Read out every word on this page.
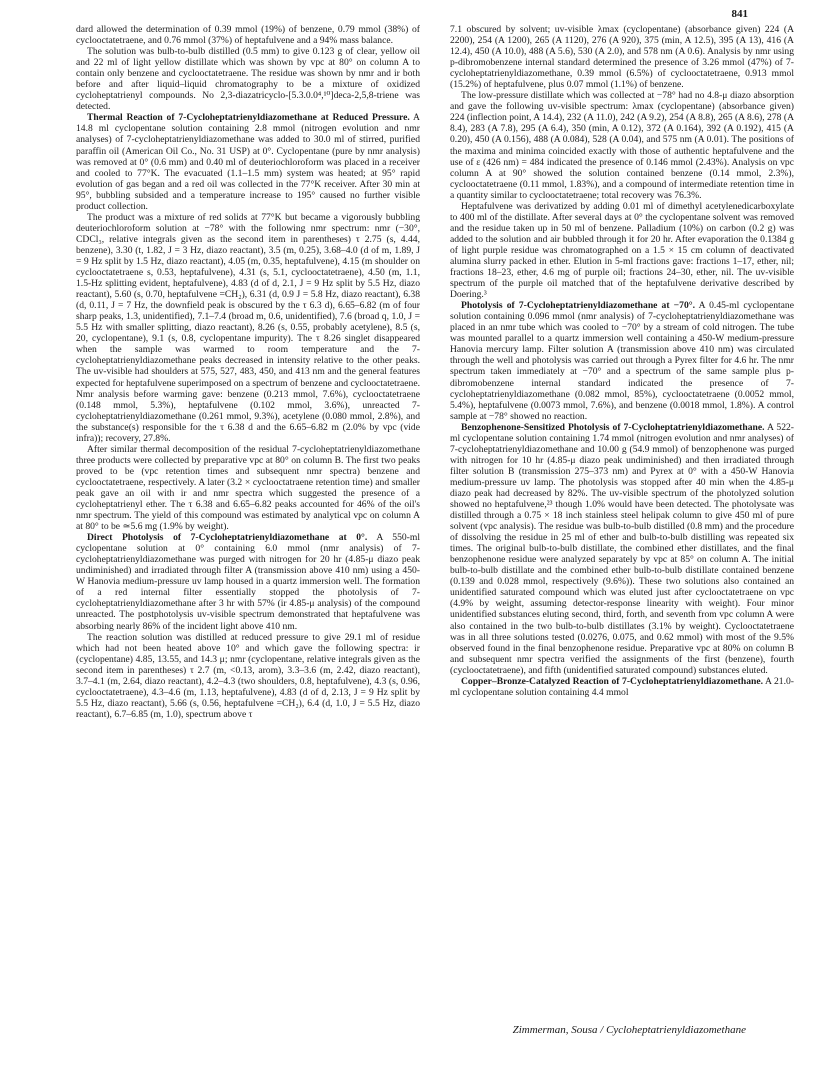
841

dard allowed the determination of 0.39 mmol (19%) of benzene, 0.79 mmol (38%) of cyclooctatetraene, and 0.76 mmol (37%) of heptafulvene and a 94% mass balance.

The solution was bulb-to-bulb distilled (0.5 mm) to give 0.123 g of clear, yellow oil and 22 ml of light yellow distillate which was shown by vpc at 80° on column A to contain only benzene and cyclooctatetraene. The residue was shown by nmr and ir both before and after liquid–liquid chromatography to be a mixture of oxidized cycloheptatrienyl compounds. No 2,3-diazatricyclo-[5.3.0.0⁴,¹⁰]deca-2,5,8-triene was detected.

Thermal Reaction of 7-Cycloheptatrienyldiazomethane at Reduced Pressure. A 14.8 ml cyclopentane solution containing 2.8 mmol (nitrogen evolution and nmr analyses) of 7-cycloheptatrienyldiazomethane was added to 30.0 ml of stirred, purified paraffin oil (American Oil Co., No. 31 USP) at 0°. Cyclopentane (pure by nmr analysis) was removed at 0° (0.6 mm) and 0.40 ml of deuteriochloroform was placed in a receiver and cooled to 77°K. The evacuated (1.1–1.5 mm) system was heated; at 95° rapid evolution of gas began and a red oil was collected in the 77°K receiver. After 30 min at 95°, bubbling subsided and a temperature increase to 195° caused no further visible product collection.

The product was a mixture of red solids at 77°K but became a vigorously bubbling deuteriochloroform solution at −78° with the following nmr spectrum: nmr (−30°, CDCl₃, relative integrals given as the second item in parentheses) τ 2.75 (s, 4.44, benzene), 3.30 (t, 1.82, J = 3 Hz, diazo reactant), 3.5 (m, 0.25), 3.68–4.0 (d of m, 1.89, J = 9 Hz split by 1.5 Hz, diazo reactant), 4.05 (m, 0.35, heptafulvene), 4.15 (m shoulder on cyclooctatetraene s, 0.53, heptafulvene), 4.31 (s, 5.1, cyclooctatetraene), 4.50 (m, 1.1, 1.5-Hz splitting evident, heptafulvene), 4.83 (d of d, 2.1, J = 9 Hz split by 5.5 Hz, diazo reactant), 5.60 (s, 0.70, heptafulvene =CH₂), 6.31 (d, 0.9 J = 5.8 Hz, diazo reactant), 6.38 (d, 0.11, J = 7 Hz, the downfield peak is obscured by the τ 6.3 d), 6.65–6.82 (m of four sharp peaks, 1.3, unidentified), 7.1–7.4 (broad m, 0.6, unidentified), 7.6 (broad q, 1.0, J = 5.5 Hz with smaller splitting, diazo reactant), 8.26 (s, 0.55, probably acetylene), 8.5 (s, 20, cyclopentane), 9.1 (s, 0.8, cyclopentane impurity). The τ 8.26 singlet disappeared when the sample was warmed to room temperature and the 7-cycloheptatrienyldiazomethane peaks decreased in intensity relative to the other peaks. The uv-visible had shoulders at 575, 527, 483, 450, and 413 nm and the general features expected for heptafulvene superimposed on a spectrum of benzene and cyclooctatetraene. Nmr analysis before warming gave: benzene (0.213 mmol, 7.6%), cyclooctatetraene (0.148 mmol, 5.3%), heptafulvene (0.102 mmol, 3.6%), unreacted 7-cycloheptatrienyldiazomethane (0.261 mmol, 9.3%), acetylene (0.080 mmol, 2.8%), and the substance(s) responsible for the τ 6.38 d and the 6.65–6.82 m (2.0% by vpc (vide infra)); recovery, 27.8%.

After similar thermal decomposition of the residual 7-cycloheptatrienyldiazomethane three products were collected by preparative vpc at 80° on column B. The first two peaks proved to be (vpc retention times and subsequent nmr spectra) benzene and cyclooctatetraene, respectively. A later (3.2 × cyclooctatraene retention time) and smaller peak gave an oil with ir and nmr spectra which suggested the presence of a cycloheptatrienyl ether. The τ 6.38 and 6.65–6.82 peaks accounted for 46% of the oil's nmr spectrum. The yield of this compound was estimated by analytical vpc on column A at 80° to be ≃5.6 mg (1.9% by weight).

Direct Photolysis of 7-Cycloheptatrienyldiazomethane at 0°. A 550-ml cyclopentane solution at 0° containing 6.0 mmol (nmr analysis) of 7-cycloheptatrienyldiazomethane was purged with nitrogen for 20 hr (4.85-μ diazo peak undiminished) and irradiated through filter A (transmission above 410 nm) using a 450-W Hanovia medium-pressure uv lamp housed in a quartz immersion well. The formation of a red internal filter essentially stopped the photolysis of 7-cycloheptatrienyldiazomethane after 3 hr with 57% (ir 4.85-μ analysis) of the compound unreacted. The postphotolysis uv-visible spectrum demonstrated that heptafulvene was absorbing nearly 86% of the incident light above 410 nm.

The reaction solution was distilled at reduced pressure to give 29.1 ml of residue which had not been heated above 10° and which gave the following spectra: ir (cyclopentane) 4.85, 13.55, and 14.3 μ; nmr (cyclopentane, relative integrals given as the second item in parentheses) τ 2.7 (m, <0.13, arom), 3.3–3.6 (m, 2.42, diazo reactant), 3.7–4.1 (m, 2.64, diazo reactant), 4.2–4.3 (two shoulders, 0.8, heptafulvene), 4.3 (s, 0.96, cyclooctatetraene), 4.3–4.6 (m, 1.13, heptafulvene), 4.83 (d of d, 2.13, J = 9 Hz split by 5.5 Hz, diazo reactant), 5.66 (s, 0.56, heptafulvene =CH₂), 6.4 (d, 1.0, J = 5.5 Hz, diazo reactant), 6.7–6.85 (m, 1.0), spectrum above τ

7.1 obscured by solvent; uv-visible λmax (cyclopentane) (absorbance given) 224 (A 2200), 254 (A 1200), 265 (A 1120), 276 (A 920), 375 (min, A 12.5), 395 (A 13), 416 (A 12.4), 450 (A 10.0), 488 (A 5.6), 530 (A 2.0), and 578 nm (A 0.6). Analysis by nmr using p-dibromobenzene internal standard determined the presence of 3.26 mmol (47%) of 7-cycloheptatrienyldiazomethane, 0.39 mmol (6.5%) of cyclooctatetraene, 0.913 mmol (15.2%) of heptafulvene, plus 0.07 mmol (1.1%) of benzene.

The low-pressure distillate which was collected at −78° had no 4.8-μ diazo absorption and gave the following uv-visible spectrum: λmax (cyclopentane) (absorbance given) 224 (inflection point, A 14.4), 232 (A 11.0), 242 (A 9.2), 254 (A 8.8), 265 (A 8.6), 278 (A 8.4), 283 (A 7.8), 295 (A 6.4), 350 (min, A 0.12), 372 (A 0.164), 392 (A 0.192), 415 (A 0.20), 450 (A 0.156), 488 (A 0.084), 528 (A 0.04), and 575 nm (A 0.01). The positions of the maxima and minima coincided exactly with those of authentic heptafulvene and the use of ε (426 nm) = 484 indicated the presence of 0.146 mmol (2.43%). Analysis on vpc column A at 90° showed the solution contained benzene (0.14 mmol, 2.3%), cyclooctatetraene (0.11 mmol, 1.83%), and a compound of intermediate retention time in a quantity similar to cyclooctatetraene; total recovery was 76.3%.

Heptafulvene was derivatized by adding 0.01 ml of dimethyl acetylenedicarboxylate to 400 ml of the distillate. After several days at 0° the cyclopentane solvent was removed and the residue taken up in 50 ml of benzene. Palladium (10%) on carbon (0.2 g) was added to the solution and air bubbled through it for 20 hr. After evaporation the 0.1384 g of light purple residue was chromatographed on a 1.5 × 15 cm column of deactivated alumina slurry packed in ether. Elution in 5-ml fractions gave: fractions 1–17, ether, nil; fractions 18–23, ether, 4.6 mg of purple oil; fractions 24–30, ether, nil. The uv-visible spectrum of the purple oil matched that of the heptafulvene derivative described by Doering.³

Photolysis of 7-Cycloheptatrienyldiazomethane at −70°. A 0.45-ml cyclopentane solution containing 0.096 mmol (nmr analysis) of 7-cycloheptatrienyldiazomethane was placed in an nmr tube which was cooled to −70° by a stream of cold nitrogen. The tube was mounted parallel to a quartz immersion well containing a 450-W medium-pressure Hanovia mercury lamp. Filter solution A (transmission above 410 nm) was circulated through the well and photolysis was carried out through a Pyrex filter for 4.6 hr. The nmr spectrum taken immediately at −70° and a spectrum of the same sample plus p-dibromobenzene internal standard indicated the presence of 7-cycloheptatrienyldiazomethane (0.082 mmol, 85%), cyclooctatetraene (0.0052 mmol, 5.4%), heptafulvene (0.0073 mmol, 7.6%), and benzene (0.0018 mmol, 1.8%). A control sample at −78° showed no reaction.

Benzophenone-Sensitized Photolysis of 7-Cycloheptatrienyldiazomethane. A 522-ml cyclopentane solution containing 1.74 mmol (nitrogen evolution and nmr analyses) of 7-cycloheptatrienyldiazomethane and 10.00 g (54.9 mmol) of benzophenone was purged with nitrogen for 10 hr (4.85-μ diazo peak undiminished) and then irradiated through filter solution B (transmission 275–373 nm) and Pyrex at 0° with a 450-W Hanovia medium-pressure uv lamp. The photolysis was stopped after 40 min when the 4.85-μ diazo peak had decreased by 82%. The uv-visible spectrum of the photolyzed solution showed no heptafulvene,²³ though 1.0% would have been detected. The photolysate was distilled through a 0.75 × 18 inch stainless steel helipak column to give 450 ml of pure solvent (vpc analysis). The residue was bulb-to-bulb distilled (0.8 mm) and the procedure of dissolving the residue in 25 ml of ether and bulb-to-bulb distilling was repeated six times. The original bulb-to-bulb distillate, the combined ether distillates, and the final benzophenone residue were analyzed separately by vpc at 85° on column A. The initial bulb-to-bulb distillate and the combined ether bulb-to-bulb distillate contained benzene (0.139 and 0.028 mmol, respectively (9.6%)). These two solutions also contained an unidentified saturated compound which was eluted just after cyclooctatetraene on vpc (4.9% by weight, assuming detector-response linearity with weight). Four minor unidentified substances eluting second, third, forth, and seventh from vpc column A were also contained in the two bulb-to-bulb distillates (3.1% by weight). Cyclooctatetraene was in all three solutions tested (0.0276, 0.075, and 0.62 mmol) with most of the 9.5% observed found in the final benzophenone residue. Preparative vpc at 80% on column B and subsequent nmr spectra verified the assignments of the first (benzene), fourth (cyclooctatetraene), and fifth (unidentified saturated compound) substances eluted.

Copper–Bronze-Catalyzed Reaction of 7-Cycloheptatrienyldiazomethane. A 21.0-ml cyclopentane solution containing 4.4 mmol

Zimmerman, Sousa / Cycloheptatrienyldiazomethane
